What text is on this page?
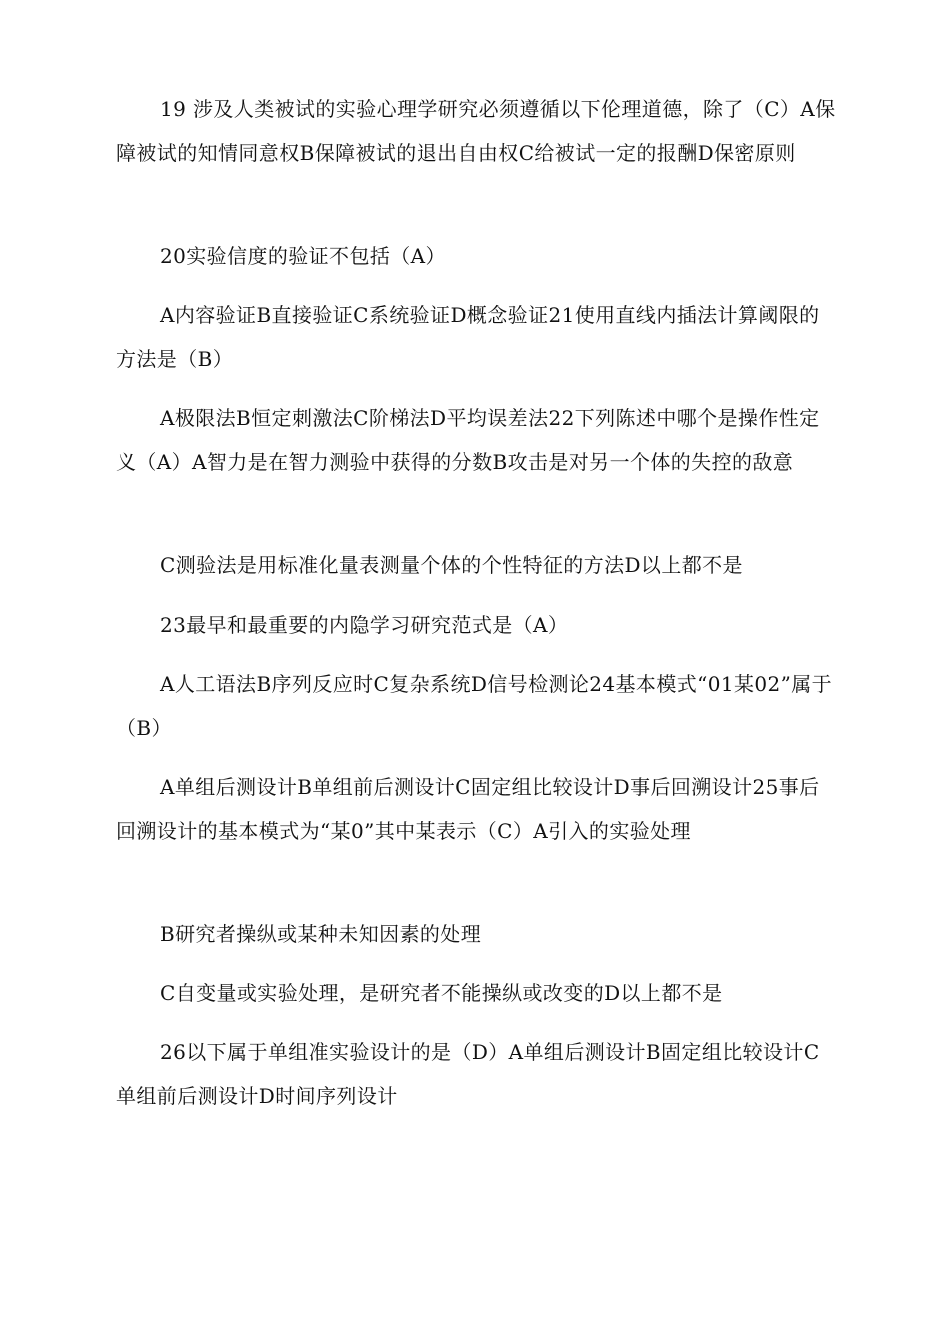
19 涉及人类被试的实验心理学研究必须遵循以下伦理道德，除了（C）A保障被试的知情同意权B保障被试的退出自由权C给被试一定的报酬D保密原则

20实验信度的验证不包括（A）

A内容验证B直接验证C系统验证D概念验证21使用直线内插法计算阈限的方法是（B）

A极限法B恒定刺激法C阶梯法D平均误差法22下列陈述中哪个是操作性定义（A）A智力是在智力测验中获得的分数B攻击是对另一个体的失控的敌意

C测验法是用标准化量表测量个体的个性特征的方法D以上都不是

23最早和最重要的内隐学习研究范式是（A）

A人工语法B序列反应时C复杂系统D信号检测论24基本模式“01某02”属于（B）

A单组后测设计B单组前后测设计C固定组比较设计D事后回溯设计25事后回溯设计的基本模式为“某0”其中某表示（C）A引入的实验处理

B研究者操纵或某种未知因素的处理

C自变量或实验处理，是研究者不能操纵或改变的D以上都不是

26以下属于单组准实验设计的是（D）A单组后测设计B固定组比较设计C单组前后测设计D时间序列设计
